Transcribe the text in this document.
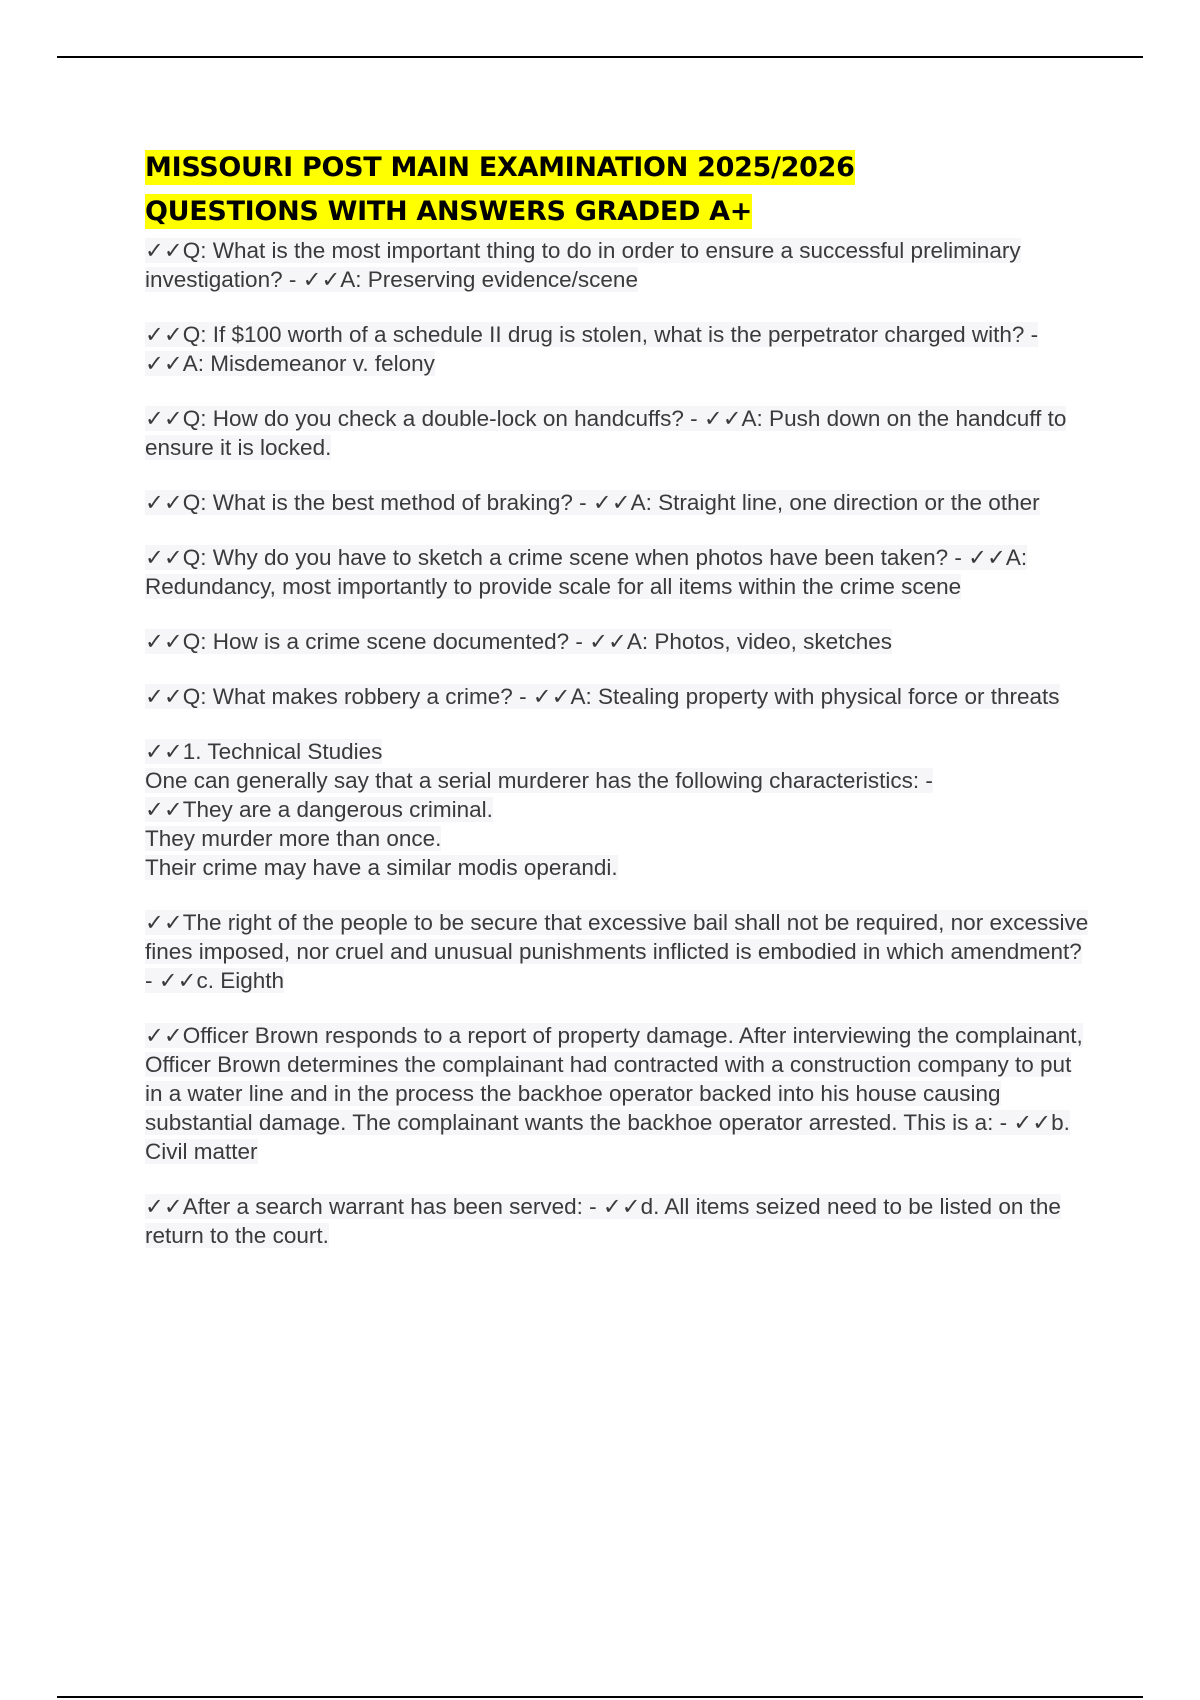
MISSOURI POST MAIN EXAMINATION 2025/2026
QUESTIONS WITH ANSWERS GRADED A+

✓✓Q: What is the most important thing to do in order to ensure a successful preliminary investigation? - ✓✓A: Preserving evidence/scene

✓✓Q: If $100 worth of a schedule II drug is stolen, what is the perpetrator charged with? - ✓✓A: Misdemeanor v. felony

✓✓Q: How do you check a double-lock on handcuffs? - ✓✓A: Push down on the handcuff to ensure it is locked.

✓✓Q: What is the best method of braking? - ✓✓A: Straight line, one direction or the other

✓✓Q: Why do you have to sketch a crime scene when photos have been taken? - ✓✓A: Redundancy, most importantly to provide scale for all items within the crime scene

✓✓Q: How is a crime scene documented? - ✓✓A: Photos, video, sketches

✓✓Q: What makes robbery a crime? - ✓✓A: Stealing property with physical force or threats

✓✓1. Technical Studies
One can generally say that a serial murderer has the following characteristics: -
✓✓They are a dangerous criminal.
They murder more than once.
Their crime may have a similar modis operandi.

✓✓The right of the people to be secure that excessive bail shall not be required, nor excessive fines imposed, nor cruel and unusual punishments inflicted is embodied in which amendment? - ✓✓c. Eighth

✓✓Officer Brown responds to a report of property damage. After interviewing the complainant, Officer Brown determines the complainant had contracted with a construction company to put in a water line and in the process the backhoe operator backed into his house causing substantial damage. The complainant wants the backhoe operator arrested. This is a: - ✓✓b. Civil matter

✓✓After a search warrant has been served: - ✓✓d. All items seized need to be listed on the return to the court.
